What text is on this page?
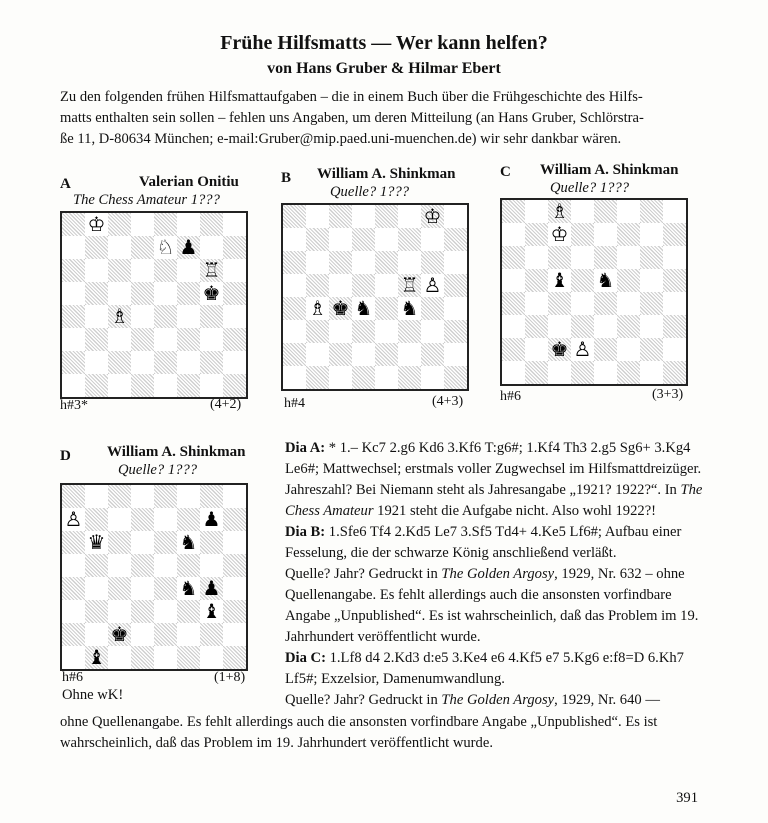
Frühe Hilfsmatts — Wer kann helfen?
von Hans Gruber & Hilmar Ebert

Zu den folgenden frühen Hilfsmattaufgaben – die in einem Buch über die Frühgeschichte des Hilfs-

matts enthalten sein sollen – fehlen uns Angaben, um deren Mitteilung (an Hans Gruber, Schlörstra-

ße 11, D-80634 München; e-mail:Gruber@mip.paed.uni-muenchen.de) wir sehr dankbar wären.

A	Valerian Onitiu
The Chess Amateur 1???
♔
♘ ♟
♖
♚
♗
h#3*	(4+2)
B William A. Shinkman
Quelle? 1???
♔
♖ ♙
♗ ♚ ♞ ♞
h#4	(4+3)
C William A. Shinkman
Quelle? 1???
♗
♔
♝ ♞
♚ ♙
h#6	(3+3)
D William A. Shinkman
Quelle? 1???
♙	♟
♛	♞
♞ ♟
♝
♚
♝
h#6	(1+8)
Ohne wK!

Dia A: * 1.– Kc7 2.g6 Kd6 3.Kf6 T:g6#; 1.Kf4 Th3 2.g5 Sg6+ 3.Kg4 Le6#; Mattwechsel; erstmals voller Zugwechsel im Hilfsmattdreizüger.

Jahreszahl? Bei Niemann steht als Jahresangabe „1921? 1922?“. In The Chess Amateur 1921 steht die Aufgabe nicht. Also wohl 1922?!

Dia B: 1.Sfe6 Tf4 2.Kd5 Le7 3.Sf5 Td4+ 4.Ke5 Lf6#; Aufbau einer Fesselung, die der schwarze König anschließend verläßt.

Quelle? Jahr? Gedruckt in The Golden Argosy, 1929, Nr. 632 – ohne Quellenangabe. Es fehlt allerdings auch die ansonsten vorfindbare Angabe „Unpublished“. Es ist wahrscheinlich, daß das Problem im 19. Jahrhundert veröffentlicht wurde.

Dia C: 1.Lf8 d4 2.Kd3 d:e5 3.Ke4 e6 4.Kf5 e7 5.Kg6 e:f8=D 6.Kh7 Lf5#; Exzelsior, Damenumwandlung.

Quelle? Jahr? Gedruckt in The Golden Argosy, 1929, Nr. 640 —

ohne Quellenangabe. Es fehlt allerdings auch die ansonsten vorfindbare Angabe „Unpublished“. Es ist

wahrscheinlich, daß das Problem im 19. Jahrhundert veröffentlicht wurde.

391
